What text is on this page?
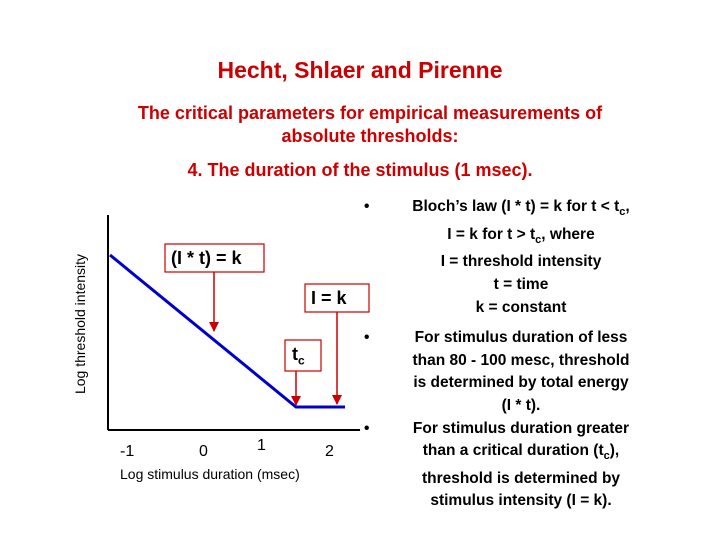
Hecht, Shlaer and Pirenne
The critical parameters for empirical measurements of
absolute thresholds:
4. The duration of the stimulus (1 msec).
Log threshold intensity	(I * t) = k
I = k
$t_c$
-1	0	1	2
Log stimulus duration (msec)
•	Bloch’s law (I * t) = k for $t < t_c$,
I = k for $t > t_c$, where
I = threshold intensity
t = time
k = constant
•	For stimulus duration of less
than 80 - 100 mesc, threshold
is determined by total energy
(I * t).
•	For stimulus duration greater
than a critical duration $(t_c)$,
threshold is determined by
stimulus intensity (I = k).
